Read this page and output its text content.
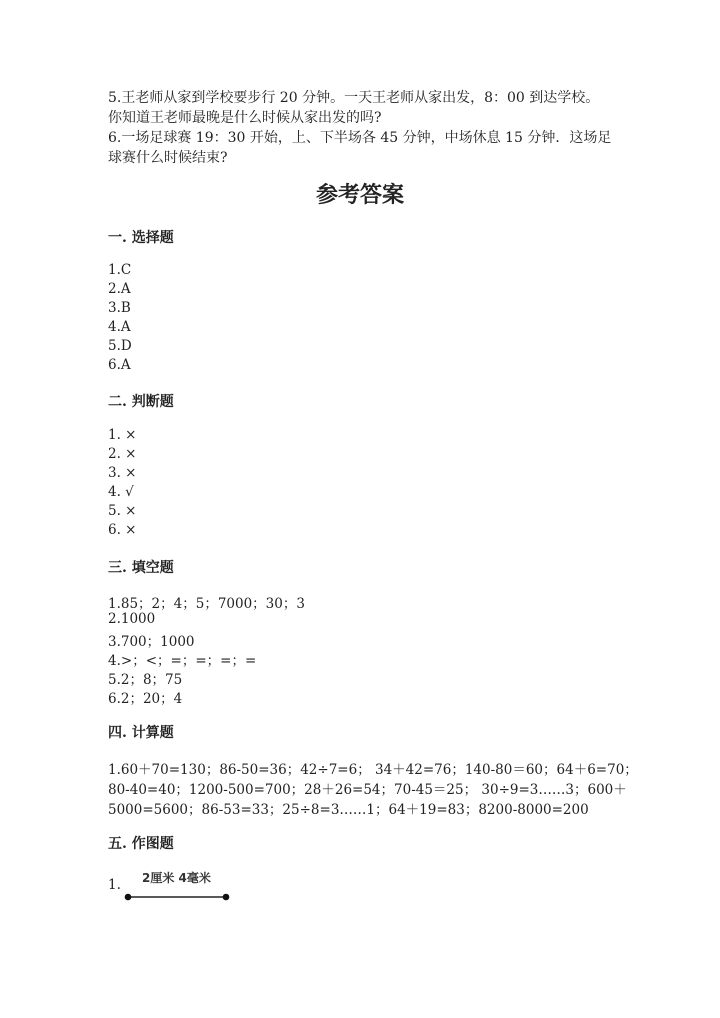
5.王老师从家到学校要步行 20 分钟。一天王老师从家出发，8：00 到达学校。
你知道王老师最晚是什么时候从家出发的吗?
6.一场足球赛 19：30 开始，上、下半场各 45 分钟，中场休息 15 分钟．这场足
球赛什么时候结束?
参考答案
一. 选择题
1.C
2.A
3.B
4.A
5.D
6.A
二. 判断题
1. ×
2. ×
3. ×
4. √
5. ×
6. ×
三. 填空题
1.85；2；4；5；7000；30；3
2.1000
3.700；1000
4.>；<；=；=；=；=
5.2；8；75
6.2；20；4
四. 计算题
1.60＋70=130；86-50=36；42÷7=6； 34＋42=76；140-80＝60；64＋6=70；
80-40=40；1200-500=700；28＋26=54；70-45＝25； 30÷9=3……3；600＋
5000=5600；86-53=33；25÷8=3……1；64＋19=83；8200-8000=200
五. 作图题
1. 2厘米 4毫米
